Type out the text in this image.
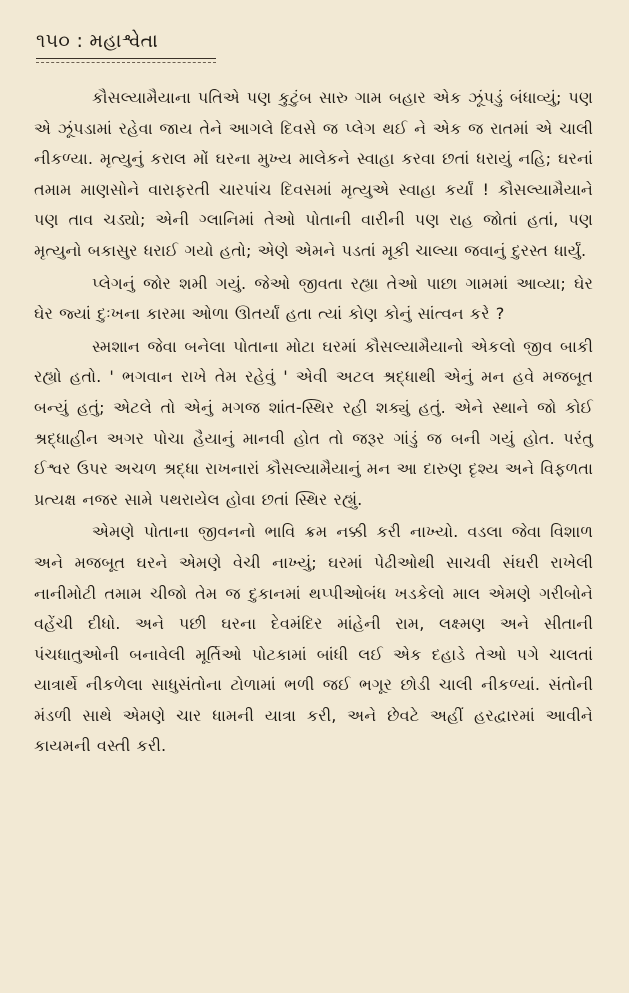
૧૫૦ : મહાશ્વેતા

કૌસલ્યામૈયાના પતિએ પણ કુટુંબ સારુ ગામ બહાર એક ઝૂંપડું બંધાવ્યું; પણ એ ઝૂંપડામાં રહેવા જાય તેને આગલે દિવસે જ પ્લેગ થઈ ને એક જ રાતમાં એ ચાલી નીકળ્યા. મૃત્યુનું કરાલ મોં ઘરના મુખ્ય માલેકને સ્વાહા કરવા છતાં ધરાયું નહિ; ઘરનાં તમામ માણસોને વારાફરતી ચારપાંચ દિવસમાં મૃત્યુએ સ્વાહા કર્યાં ! કૌસલ્યામૈયાને પણ તાવ ચડ્યો; એની ગ્લાનિમાં તેઓ પોતાની વારીની પણ રાહ જોતાં હતાં, પણ મૃત્યુનો બકાસુર ધરાઈ ગયો હતો; એણે એમને પડતાં મૂકી ચાલ્યા જવાનું દુરસ્ત ધાર્યું.

પ્લેગનું જોર શમી ગયું. જેઓ જીવતા રહ્યા તેઓ પાછા ગામમાં આવ્યા; ઘેર ઘેર જ્યાં દુઃખના કારમા ઓળા ઊતર્યાં હતા ત્યાં કોણ કોનું સાંત્વન કરે ?

સ્મશાન જેવા બનેલા પોતાના મોટા ઘરમાં કૌસલ્યામૈયાનો એકલો જીવ બાકી રહ્યો હતો. ' ભગવાન રાખે તેમ રહેવું ' એવી અટલ શ્રદ્ધાથી એનું મન હવે મજબૂત બન્યું હતું; એટલે તો એનું મગજ શાંત-સ્થિર રહી શક્યું હતું. એને સ્થાને જો કોઈ શ્રદ્ધાહીન અગર પોચા હૈયાનું માનવી હોત તો જરૂર ગાંડું જ બની ગયું હોત. પરંતુ ઈશ્વર ઉપર અચળ શ્રદ્ધા રાખનારાં કૌસલ્યામૈયાનું મન આ દારુણ દૃશ્ય અને વિફળતા પ્રત્યક્ષ નજર સામે પથરાયેલ હોવા છતાં સ્થિર રહ્યું.

એમણે પોતાના જીવનનો ભાવિ ક્રમ નક્કી કરી નાખ્યો. વડલા જેવા વિશાળ અને મજબૂત ઘરને એમણે વેચી નાખ્યું; ઘરમાં પેઢીઓથી સાચવી સંઘરી રાખેલી નાનીમોટી તમામ ચીજો તેમ જ દુકાનમાં થપ્પીઓબંધ ખડકેલો માલ એમણે ગરીબોને વહેંચી દીધો. અને પછી ઘરના દેવમંદિર માંહેની રામ, લક્ષ્મણ અને સીતાની પંચધાતુઓની બનાવેલી મૂર્તિઓ પોટકામાં બાંધી લઈ એક દહાડે તેઓ પગે ચાલતાં યાત્રાર્થે નીકળેલા સાધુસંતોના ટોળામાં ભળી જઈ ભગૂર છોડી ચાલી નીકળ્યાં. સંતોની મંડળી સાથે એમણે ચાર ધામની યાત્રા કરી, અને છેવટે અહીં હરદ્વારમાં આવીને કાયમની વસ્તી કરી.
